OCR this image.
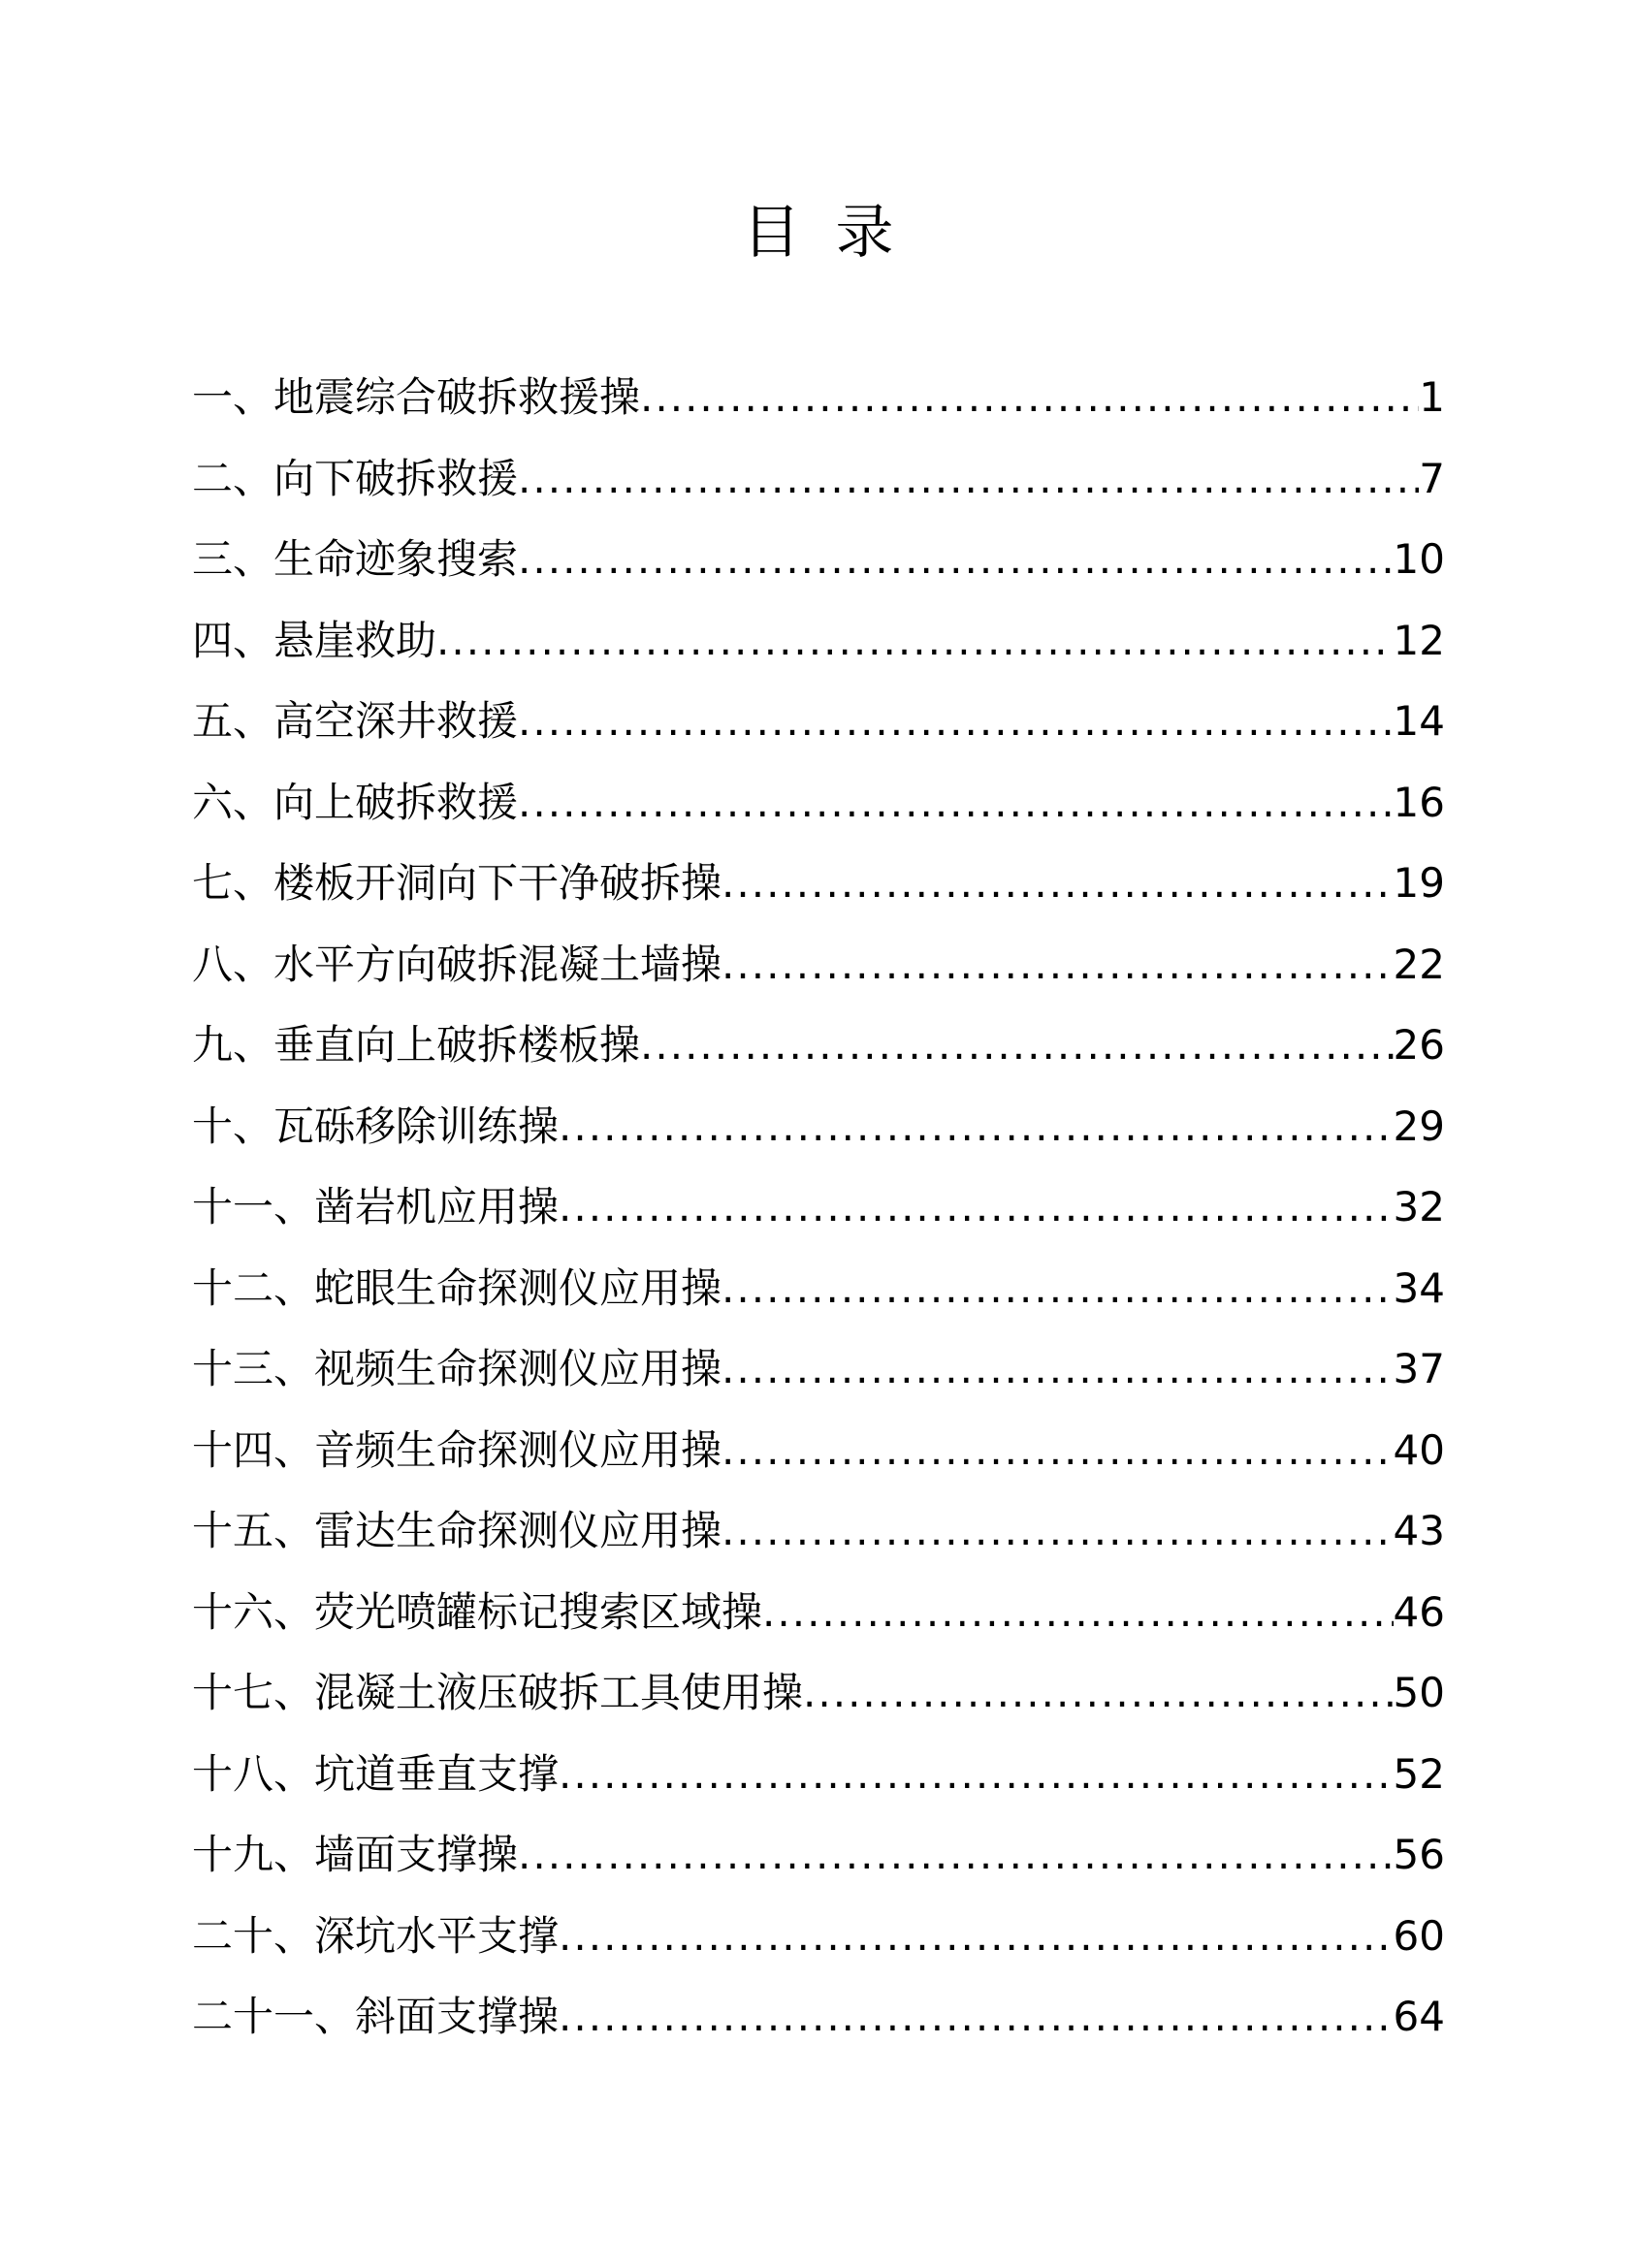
目录
一、地震综合破拆救援操 .....	1
二、向下破拆救援 .....	7
三、生命迹象搜索 .....	10
四、悬崖救助 .....	12
五、高空深井救援 .....	14
六、向上破拆救援 .....	16
七、楼板开洞向下干净破拆操 .....	19
八、水平方向破拆混凝土墙操 .....	22
九、垂直向上破拆楼板操 .....	26
十、瓦砾移除训练操 .....	29
十一、凿岩机应用操 .....	32
十二、蛇眼生命探测仪应用操 .....	34
十三、视频生命探测仪应用操 .....	37
十四、音频生命探测仪应用操 .....	40
十五、雷达生命探测仪应用操 .....	43
十六、荧光喷罐标记搜索区域操 .....	46
十七、混凝土液压破拆工具使用操 .....	50
十八、坑道垂直支撑 .....	52
十九、墙面支撑操 .....	56
二十、深坑水平支撑 .....	60
二十一、斜面支撑操 .....	64
